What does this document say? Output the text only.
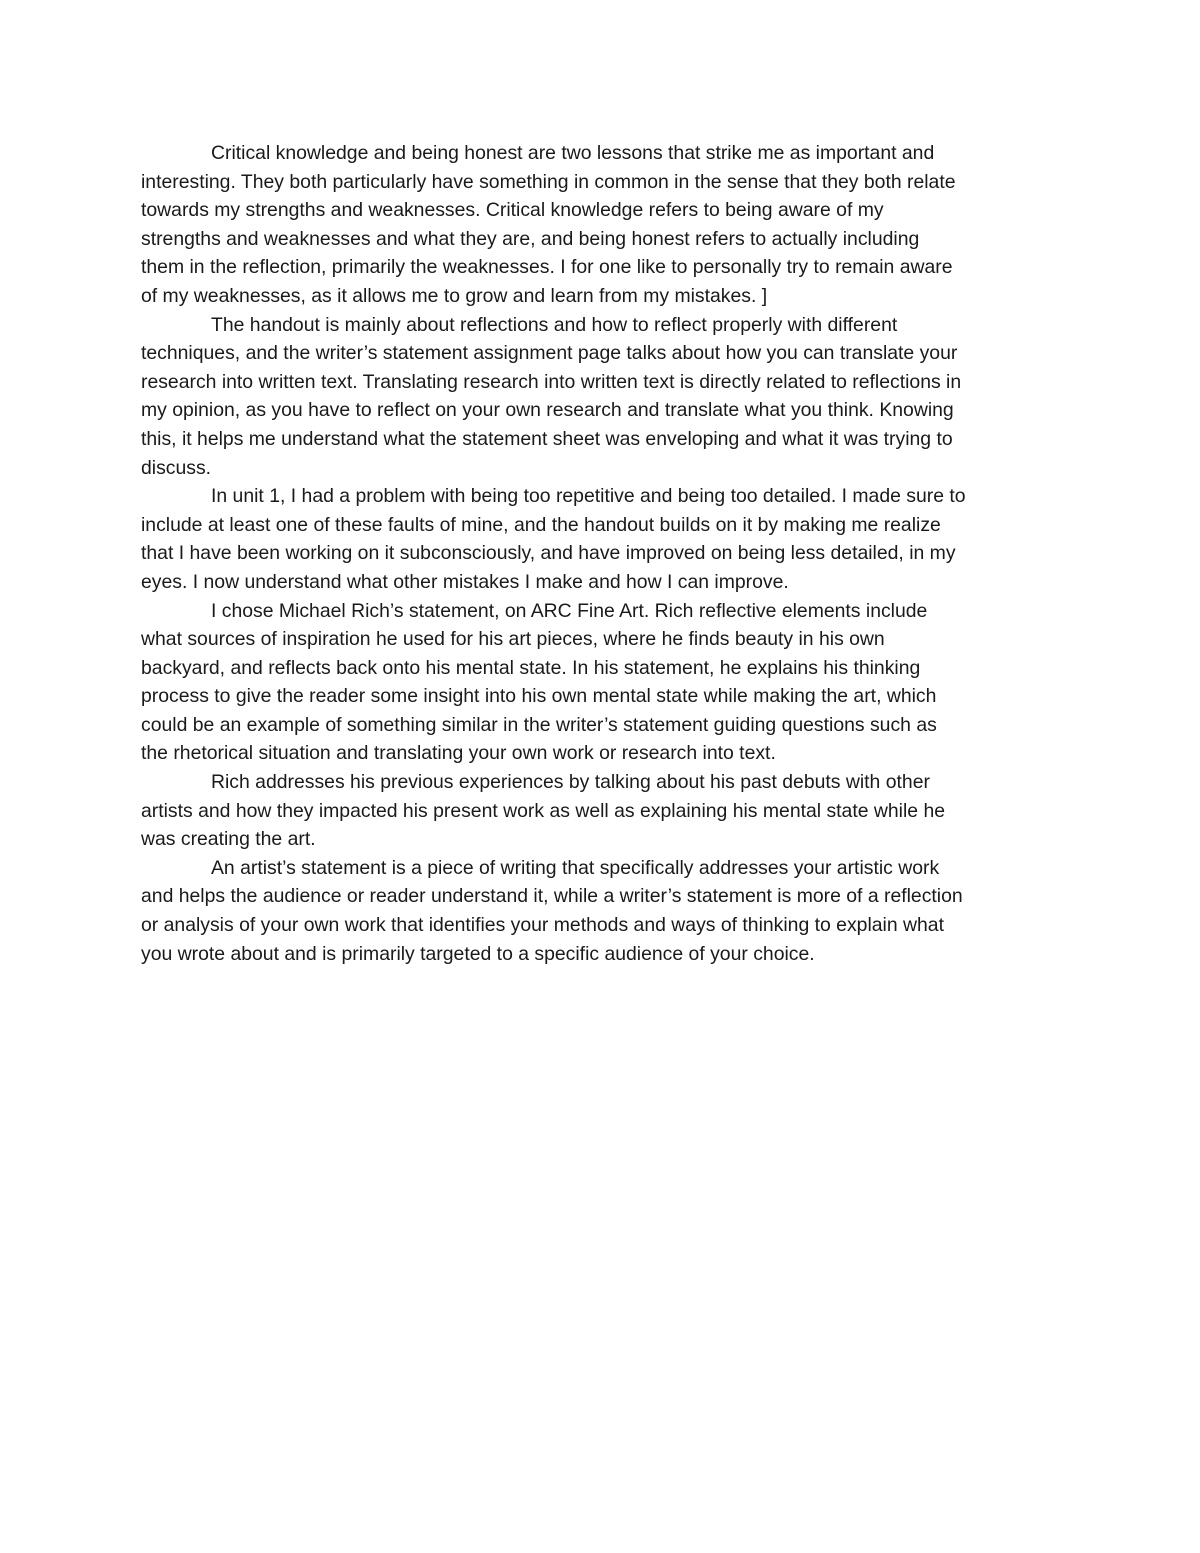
Critical knowledge and being honest are two lessons that strike me as important and
interesting. They both particularly have something in common in the sense that they both relate
towards my strengths and weaknesses. Critical knowledge refers to being aware of my
strengths and weaknesses and what they are, and being honest refers to actually including
them in the reflection, primarily the weaknesses. I for one like to personally try to remain aware
of my weaknesses, as it allows me to grow and learn from my mistakes. ]

The handout is mainly about reflections and how to reflect properly with different
techniques, and the writer’s statement assignment page talks about how you can translate your
research into written text. Translating research into written text is directly related to reflections in
my opinion, as you have to reflect on your own research and translate what you think. Knowing
this, it helps me understand what the statement sheet was enveloping and what it was trying to
discuss.

In unit 1, I had a problem with being too repetitive and being too detailed. I made sure to
include at least one of these faults of mine, and the handout builds on it by making me realize
that I have been working on it subconsciously, and have improved on being less detailed, in my
eyes. I now understand what other mistakes I make and how I can improve.

I chose Michael Rich’s statement, on ARC Fine Art. Rich reflective elements include
what sources of inspiration he used for his art pieces, where he finds beauty in his own
backyard, and reflects back onto his mental state. In his statement, he explains his thinking
process to give the reader some insight into his own mental state while making the art, which
could be an example of something similar in the writer’s statement guiding questions such as
the rhetorical situation and translating your own work or research into text.

Rich addresses his previous experiences by talking about his past debuts with other
artists and how they impacted his present work as well as explaining his mental state while he
was creating the art.

An artist’s statement is a piece of writing that specifically addresses your artistic work
and helps the audience or reader understand it, while a writer’s statement is more of a reflection
or analysis of your own work that identifies your methods and ways of thinking to explain what
you wrote about and is primarily targeted to a specific audience of your choice.
